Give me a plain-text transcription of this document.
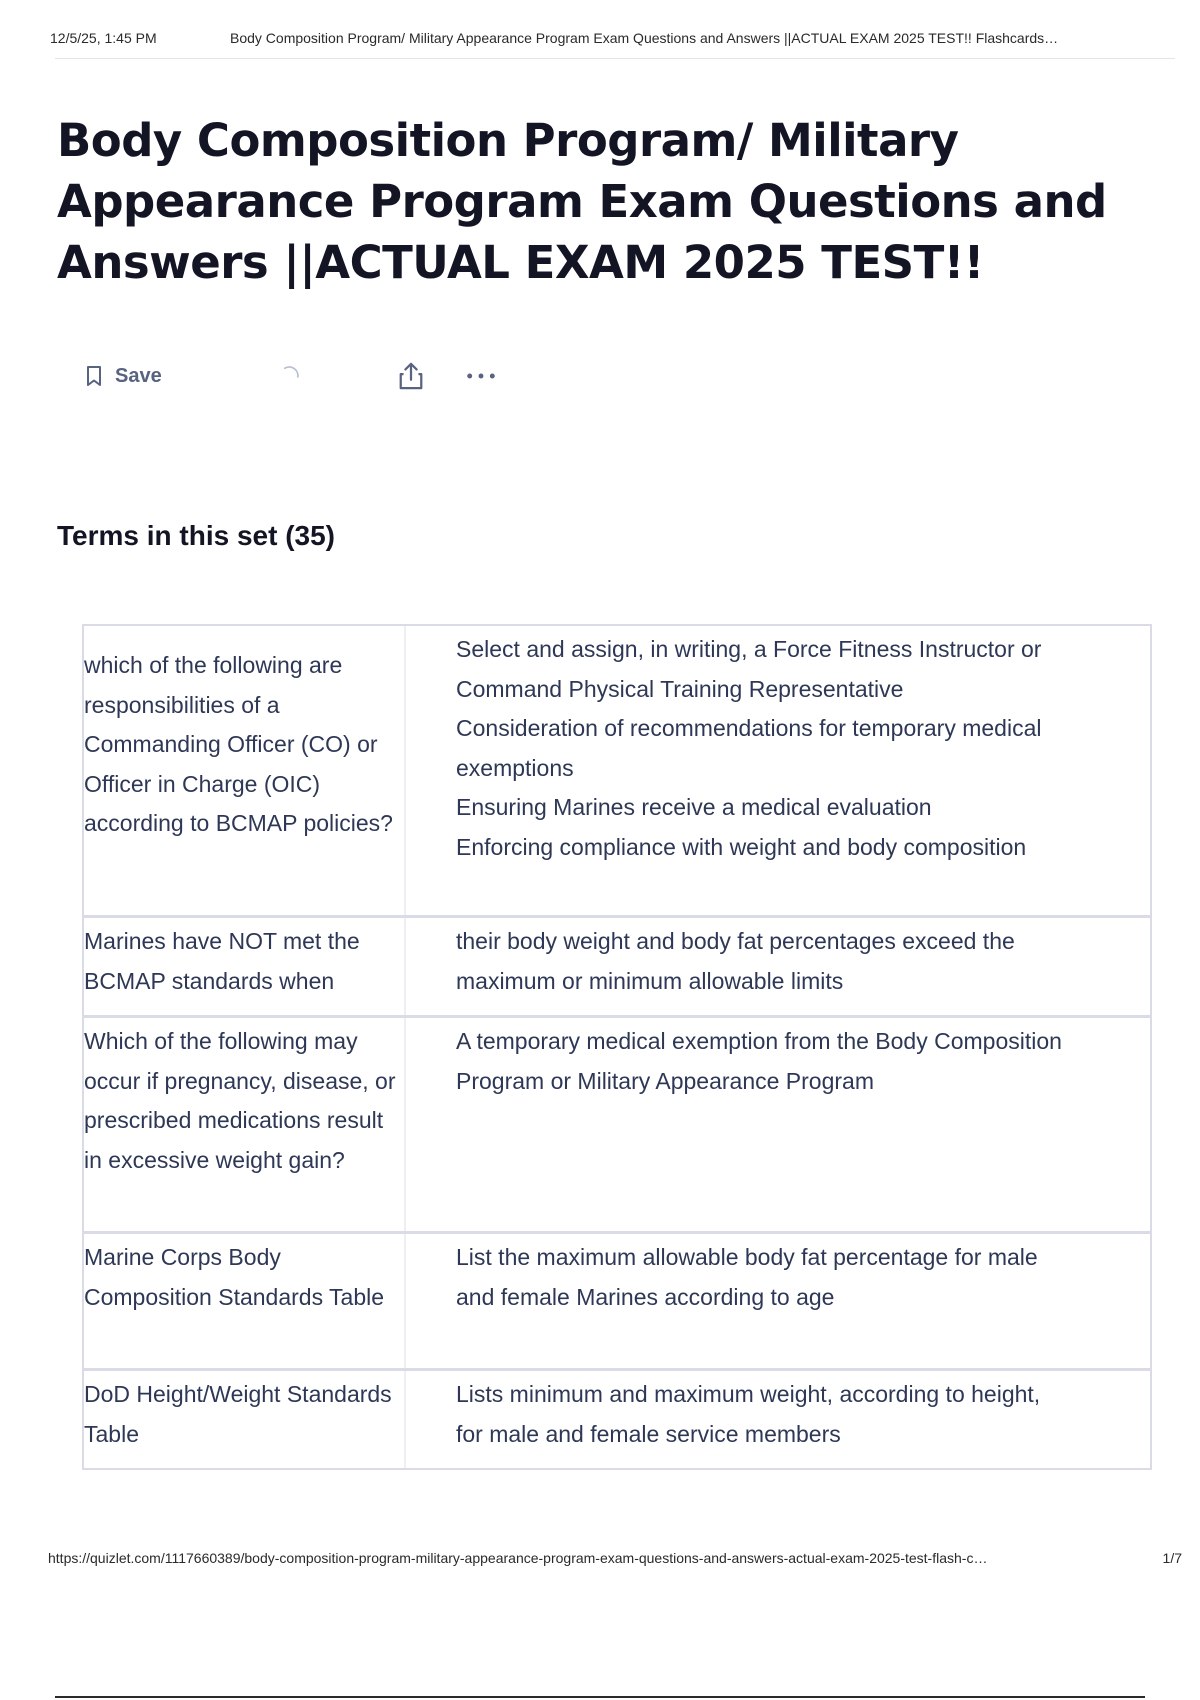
12/5/25, 1:45 PM	Body Composition Program/ Military Appearance Program Exam Questions and Answers ||ACTUAL EXAM 2025 TEST!! Flashcards…
Body Composition Program/ Military Appearance Program Exam Questions and Answers ||ACTUAL EXAM 2025 TEST!!
Save
Terms in this set (35)
which of the following are responsibilities of a Commanding Officer (CO) or Officer in Charge (OIC) according to BCMAP policies?
Select and assign, in writing, a Force Fitness Instructor or Command Physical Training Representative
Consideration of recommendations for temporary medical exemptions
Ensuring Marines receive a medical evaluation
Enforcing compliance with weight and body composition
Marines have NOT met the BCMAP standards when
their body weight and body fat percentages exceed the maximum or minimum allowable limits
Which of the following may occur if pregnancy, disease, or prescribed medications result in excessive weight gain?
A temporary medical exemption from the Body Composition Program or Military Appearance Program
Marine Corps Body Composition Standards Table
List the maximum allowable body fat percentage for male and female Marines according to age
DoD Height/Weight Standards Table
Lists minimum and maximum weight, according to height, for male and female service members
https://quizlet.com/1117660389/body-composition-program-military-appearance-program-exam-questions-and-answers-actual-exam-2025-test-flash-c…	1/7
